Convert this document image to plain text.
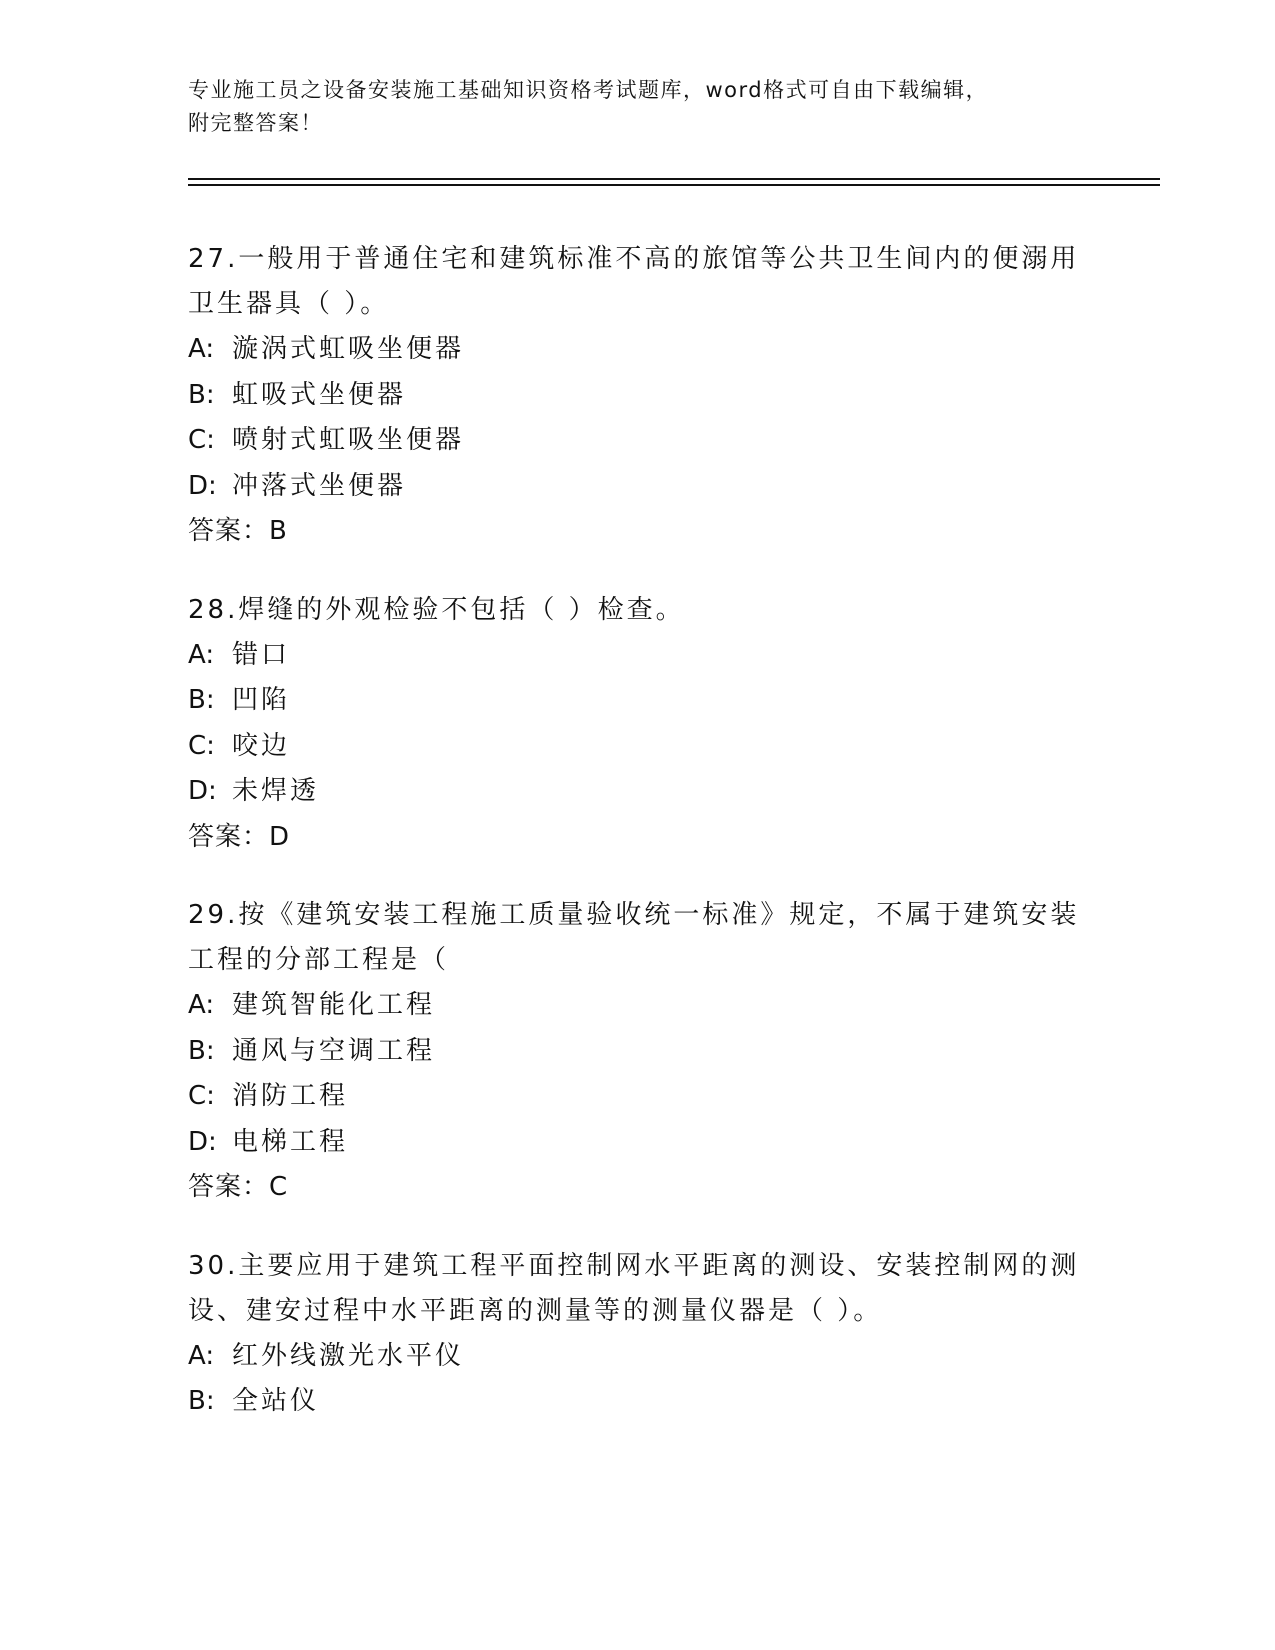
专业施工员之设备安装施工基础知识资格考试题库，word格式可自由下载编辑，
附完整答案！
27.一般用于普通住宅和建筑标准不高的旅馆等公共卫生间内的便溺用
卫生器具（ ）。
A: 漩涡式虹吸坐便器
B: 虹吸式坐便器
C: 喷射式虹吸坐便器
D: 冲落式坐便器
答案：B
28.焊缝的外观检验不包括（ ）检查。
A: 错口
B: 凹陷
C: 咬边
D: 未焊透
答案：D
29.按《建筑安装工程施工质量验收统一标准》规定，不属于建筑安装
工程的分部工程是（
A: 建筑智能化工程
B: 通风与空调工程
C: 消防工程
D: 电梯工程
答案：C
30.主要应用于建筑工程平面控制网水平距离的测设、安装控制网的测
设、建安过程中水平距离的测量等的测量仪器是（ ）。
A: 红外线激光水平仪
B: 全站仪
